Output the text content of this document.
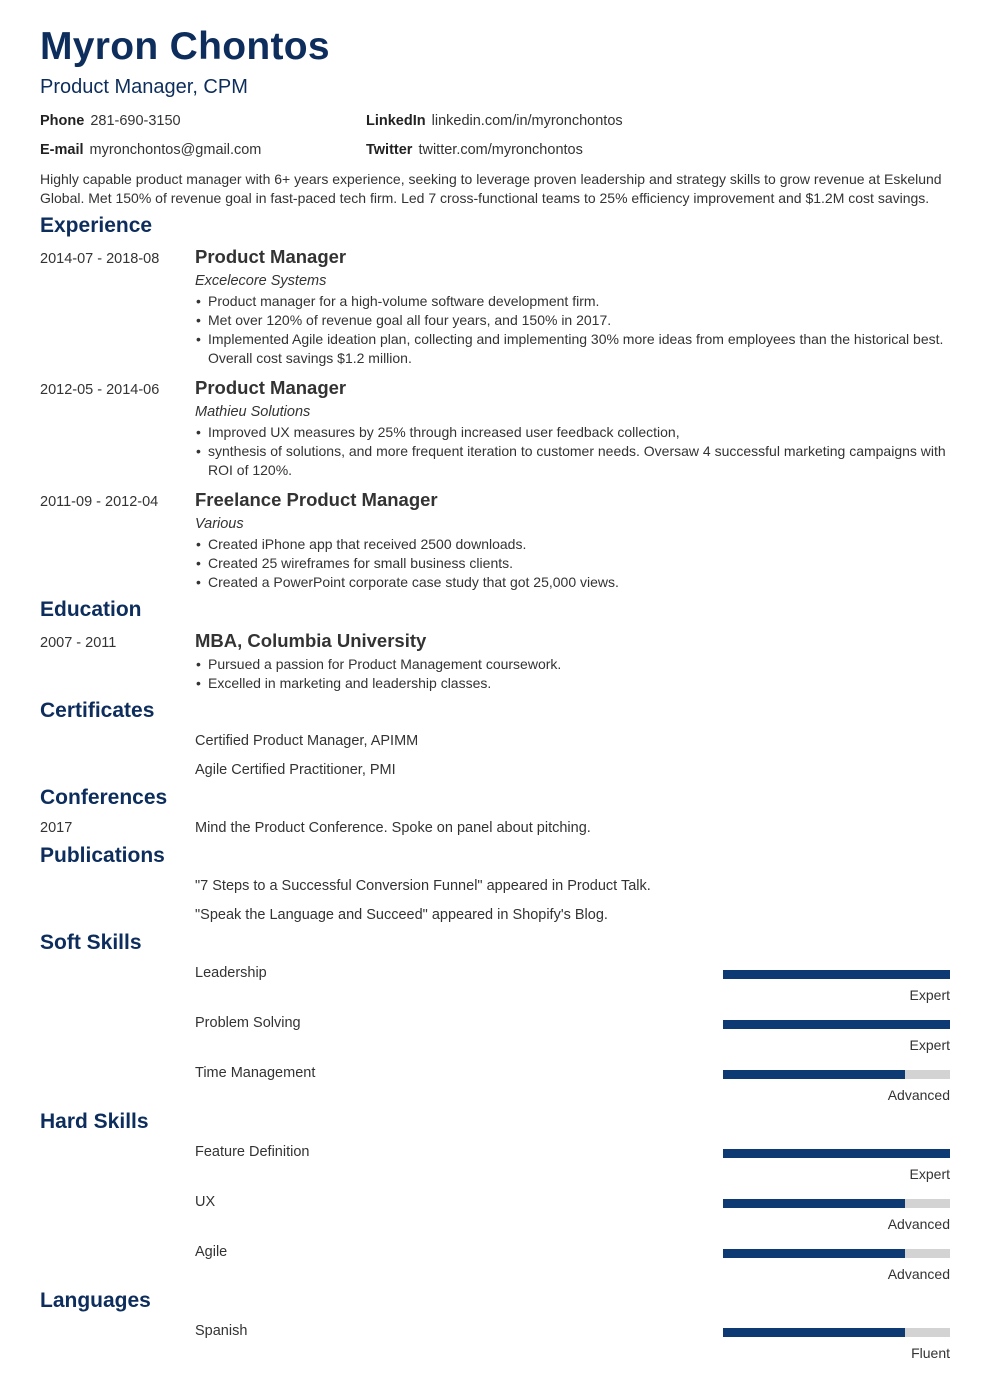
Myron Chontos
Product Manager, CPM
Phone 281-690-3150	LinkedIn linkedin.com/in/myronchontos
E-mail myronchontos@gmail.com	Twitter twitter.com/myronchontos
Highly capable product manager with 6+ years experience, seeking to leverage proven leadership and strategy skills to grow revenue at Eskelund Global. Met 150% of revenue goal in fast-paced tech firm. Led 7 cross-functional teams to 25% efficiency improvement and $1.2M cost savings.
Experience
2014-07 - 2018-08 Product Manager
Excelecore Systems
• Product manager for a high-volume software development firm.
• Met over 120% of revenue goal all four years, and 150% in 2017.
• Implemented Agile ideation plan, collecting and implementing 30% more ideas from employees than the historical best. Overall cost savings $1.2 million.
2012-05 - 2014-06 Product Manager
Mathieu Solutions
• Improved UX measures by 25% through increased user feedback collection,
• synthesis of solutions, and more frequent iteration to customer needs. Oversaw 4 successful marketing campaigns with ROI of 120%.
2011-09 - 2012-04 Freelance Product Manager
Various
• Created iPhone app that received 2500 downloads.
• Created 25 wireframes for small business clients.
• Created a PowerPoint corporate case study that got 25,000 views.
Education
2007 - 2011	MBA, Columbia University
• Pursued a passion for Product Management coursework.
• Excelled in marketing and leadership classes.
Certificates
Certified Product Manager, APIMM
Agile Certified Practitioner, PMI
Conferences
2017	Mind the Product Conference. Spoke on panel about pitching.
Publications
"7 Steps to a Successful Conversion Funnel" appeared in Product Talk.
"Speak the Language and Succeed" appeared in Shopify's Blog.
Soft Skills
Leadership
Expert
Problem Solving
Expert
Time Management
Advanced
Hard Skills
Feature Definition
Expert
UX
Advanced
Agile
Advanced
Languages
Spanish
Fluent
